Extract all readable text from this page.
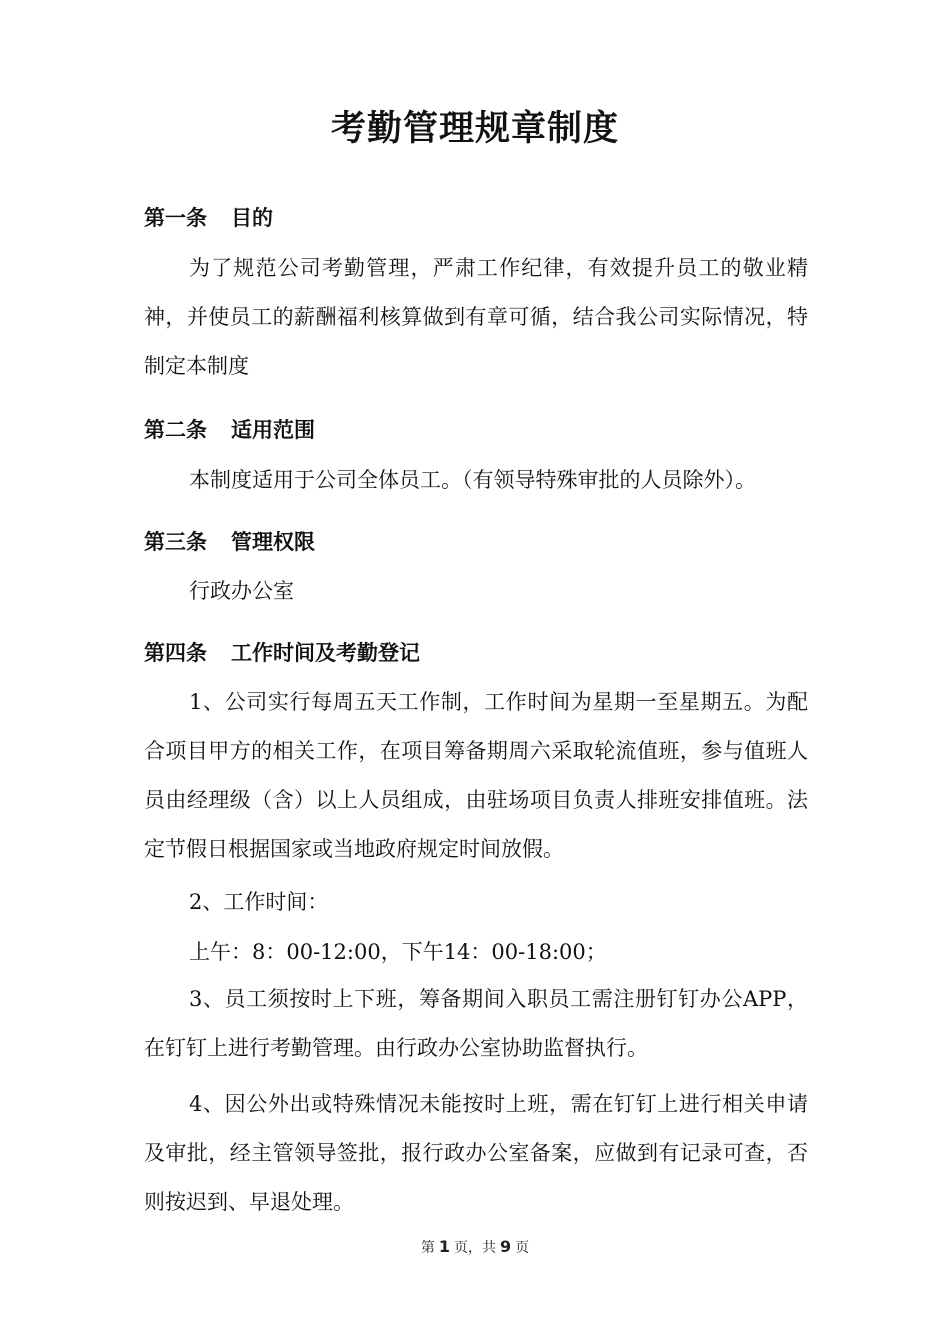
考勤管理规章制度
第一条 目的
为了规范公司考勤管理，严肃工作纪律，有效提升员工的敬业精神，并使员工的薪酬福利核算做到有章可循，结合我公司实际情况，特制定本制度
第二条 适用范围
本制度适用于公司全体员工。（有领导特殊审批的人员除外）。
第三条 管理权限
行政办公室
第四条 工作时间及考勤登记
1、公司实行每周五天工作制，工作时间为星期一至星期五。为配合项目甲方的相关工作，在项目筹备期周六采取轮流值班，参与值班人员由经理级（含）以上人员组成，由驻场项目负责人排班安排值班。法定节假日根据国家或当地政府规定时间放假。
2、工作时间：
上午：8：00-12:00，下午14：00-18:00；
3、员工须按时上下班，筹备期间入职员工需注册钉钉办公APP，在钉钉上进行考勤管理。由行政办公室协助监督执行。
4、因公外出或特殊情况未能按时上班，需在钉钉上进行相关申请及审批，经主管领导签批，报行政办公室备案，应做到有记录可查，否则按迟到、早退处理。
第 1 页，共 9 页
